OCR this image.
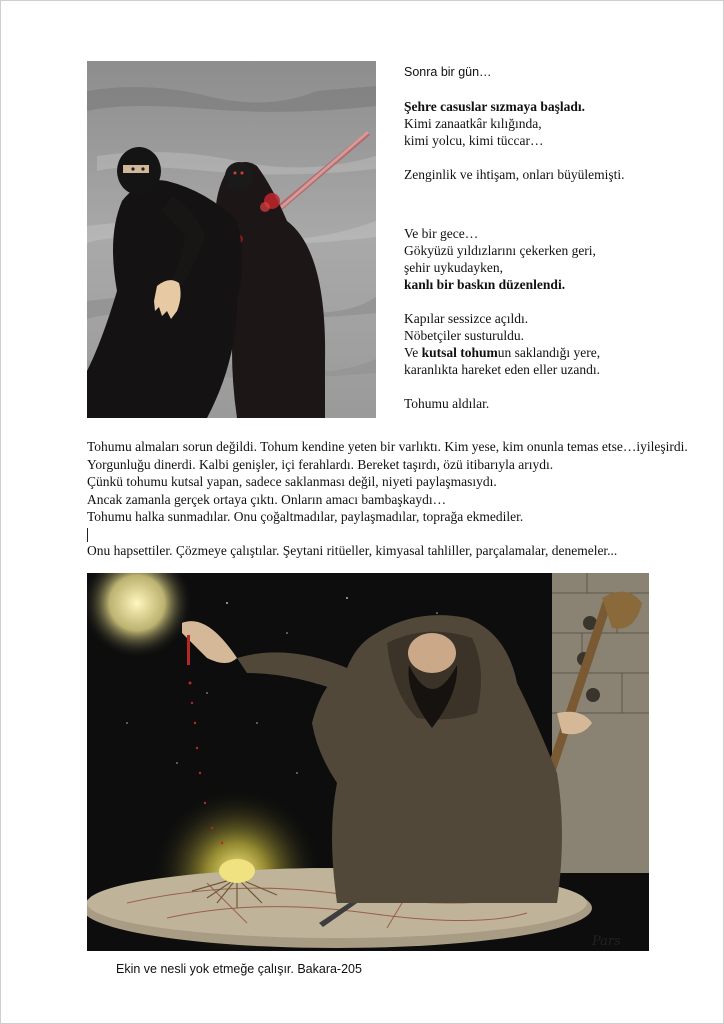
Sonra bir gün…

Şehre casuslar sızmaya başladı.

Kimi zanaatkâr kılığında,

kimi yolcu, kimi tüccar…

Zenginlik ve ihtişam, onları büyülemişti.

Ve bir gece…

Gökyüzü yıldızlarını çekerken geri,

şehir uykudayken,

kanlı bir baskın düzenlendi.

Kapılar sessizce açıldı.

Nöbetçiler susturuldu.

Ve kutsal tohumun saklandığı yere,

karanlıkta hareket eden eller uzandı.

Tohumu aldılar.

Tohumu almaları sorun değildi. Tohum kendine yeten bir varlıktı. Kim yese, kim onunla temas etse…iyileşirdi. Yorgunluğu dinerdi. Kalbi genişler, içi ferahlardı. Bereket taşırdı, özü itibarıyla arıydı.

Çünkü tohumu kutsal yapan, sadece saklanması değil, niyeti paylaşmasıydı.

Ancak zamanla gerçek ortaya çıktı. Onların amacı bambaşkaydı…

Tohumu halka sunmadılar. Onu çoğaltmadılar, paylaşmadılar, toprağa ekmediler.

Onu hapsettiler. Çözmeye çalıştılar. Şeytani ritüeller, kimyasal tahliller, parçalamalar, denemeler...

Pars
Ekin ve nesli yok etmeğe çalışır. Bakara-205
